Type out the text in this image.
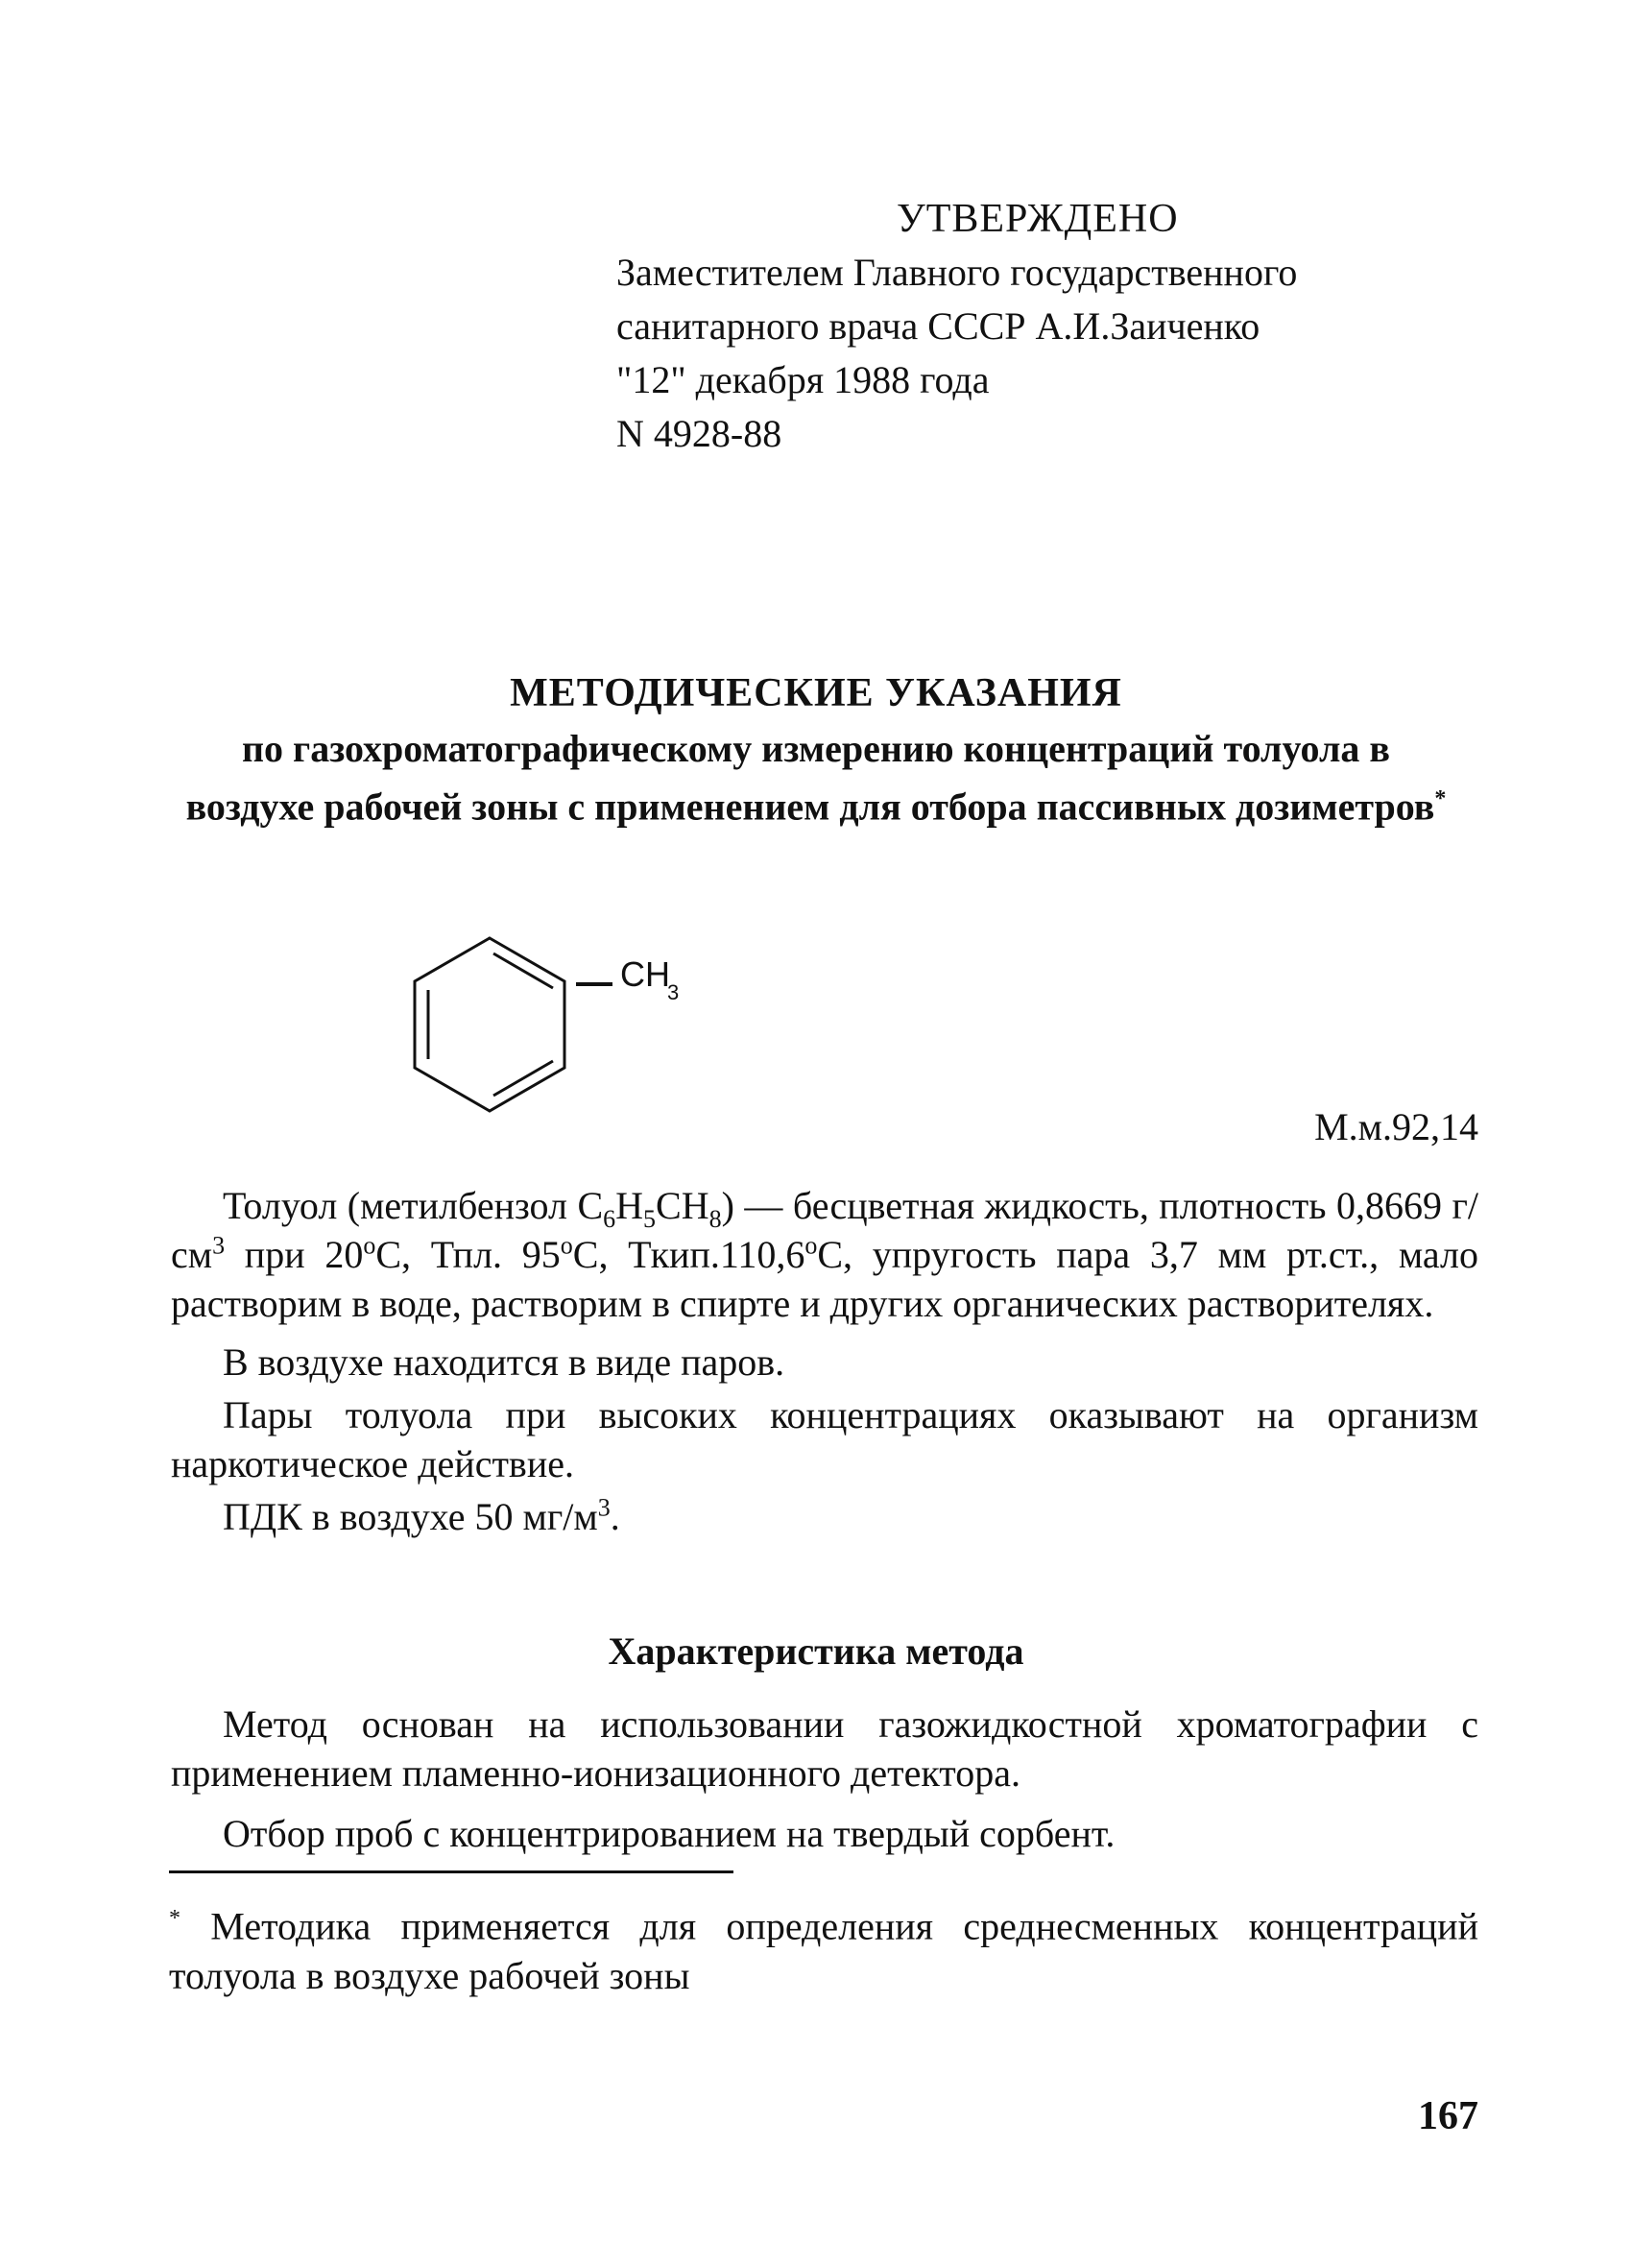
УТВЕРЖДЕНО
Заместителем Главного государственного
санитарного врача СССР А.И.Заиченко
"12" декабря 1988 года
N 4928-88
МЕТОДИЧЕСКИЕ УКАЗАНИЯ
по газохроматографическому измерению концентраций толуола в воздухе рабочей зоны с применением для отбора пассивных дозиметров*
CH
3
М.м.92,14

Толуол (метилбензол $C_6H_5CH_8$) — бесцветная жидкость, плотность 0,8669 $г/см^3$ при $20^оС$, Тпл. $95^оС$, $Ткип.110,6^оС$, упругость пара 3,7 мм рт.ст., мало растворим в воде, растворим в спирте и других органических растворителях.

В воздухе находится в виде паров.

Пары толуола при высоких концентрациях оказывают на организм наркотическое действие.

ПДК в воздухе 50 $мг/м^3$.

Характеристика метода

Метод основан на использовании газожидкостной хроматографии с применением пламенно-ионизационного детектора.

Отбор проб с концентрированием на твердый сорбент.

* Методика применяется для определения среднесменных концентраций толуола в воздухе рабочей зоны
167
